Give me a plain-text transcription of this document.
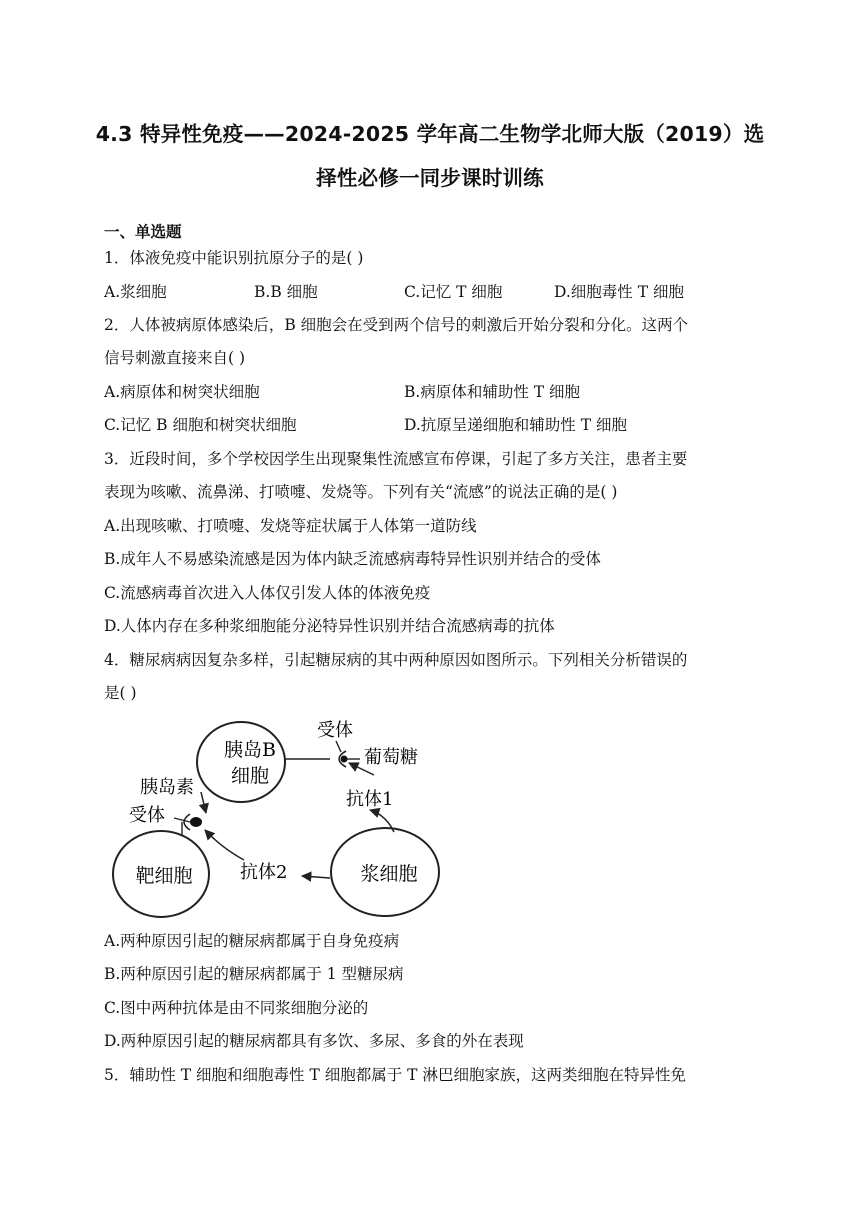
4.3 特异性免疫——2024-2025 学年高二生物学北师大版（2019）选
择性必修一同步课时训练
一、单选题
1．体液免疫中能识别抗原分子的是( )
A.浆细胞	B.B 细胞	C.记忆 T 细胞	D.细胞毒性 T 细胞
2．人体被病原体感染后，B 细胞会在受到两个信号的刺激后开始分裂和分化。这两个
信号刺激直接来自( )
A.病原体和树突状细胞	B.病原体和辅助性 T 细胞
C.记忆 B 细胞和树突状细胞	D.抗原呈递细胞和辅助性 T 细胞
3．近段时间，多个学校因学生出现聚集性流感宣布停课，引起了多方关注，患者主要
表现为咳嗽、流鼻涕、打喷嚏、发烧等。下列有关“流感”的说法正确的是( )
A.出现咳嗽、打喷嚏、发烧等症状属于人体第一道防线
B.成年人不易感染流感是因为体内缺乏流感病毒特异性识别并结合的受体
C.流感病毒首次进入人体仅引发人体的体液免疫
D.人体内存在多种浆细胞能分泌特异性识别并结合流感病毒的抗体
4．糖尿病病因复杂多样，引起糖尿病的其中两种原因如图所示。下列相关分析错误的
是( )
胰岛B
细胞
靶细胞	浆细胞
受体
葡萄糖
抗体1
胰岛素
受体
抗体2
A.两种原因引起的糖尿病都属于自身免疫病
B.两种原因引起的糖尿病都属于 1 型糖尿病
C.图中两种抗体是由不同浆细胞分泌的
D.两种原因引起的糖尿病都具有多饮、多尿、多食的外在表现
5．辅助性 T 细胞和细胞毒性 T 细胞都属于 T 淋巴细胞家族，这两类细胞在特异性免
